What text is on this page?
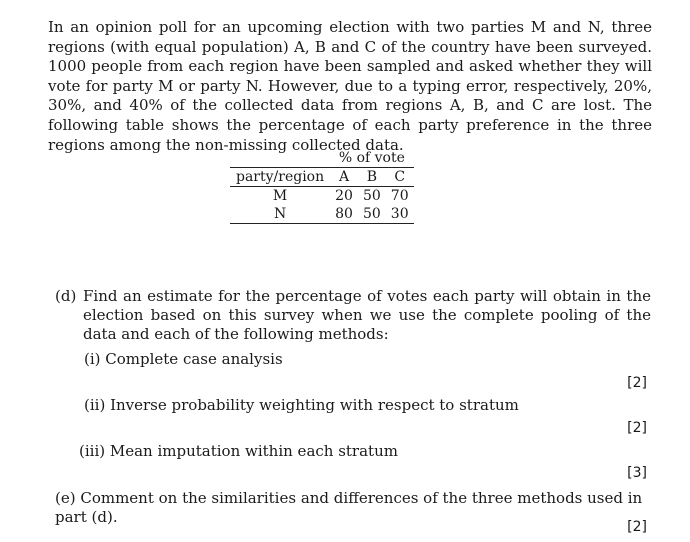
In an opinion poll for an upcoming election with two parties M and N, three regions (with equal population) A, B and C of the country have been surveyed. 1000 people from each region have been sampled and asked whether they will vote for party M or party N. However, due to a typing error, respectively, 20%, 30%, and 40% of the collected data from regions A, B, and C are lost. The following table shows the percentage of each party preference in the three regions among the non-missing collected data.

	% of vote		
party/region	A	B	C
M	20	50	70
N	80	50	30
(d) Find an estimate for the percentage of votes each party will obtain in the election based on this survey when we use the complete pooling of the data and each of the following methods:
(i) Complete case analysis
[2]
(ii) Inverse probability weighting with respect to stratum
[2]
(iii) Mean imputation within each stratum
[3]
(e) Comment on the similarities and differences of the three methods used in part (d).
[2]
